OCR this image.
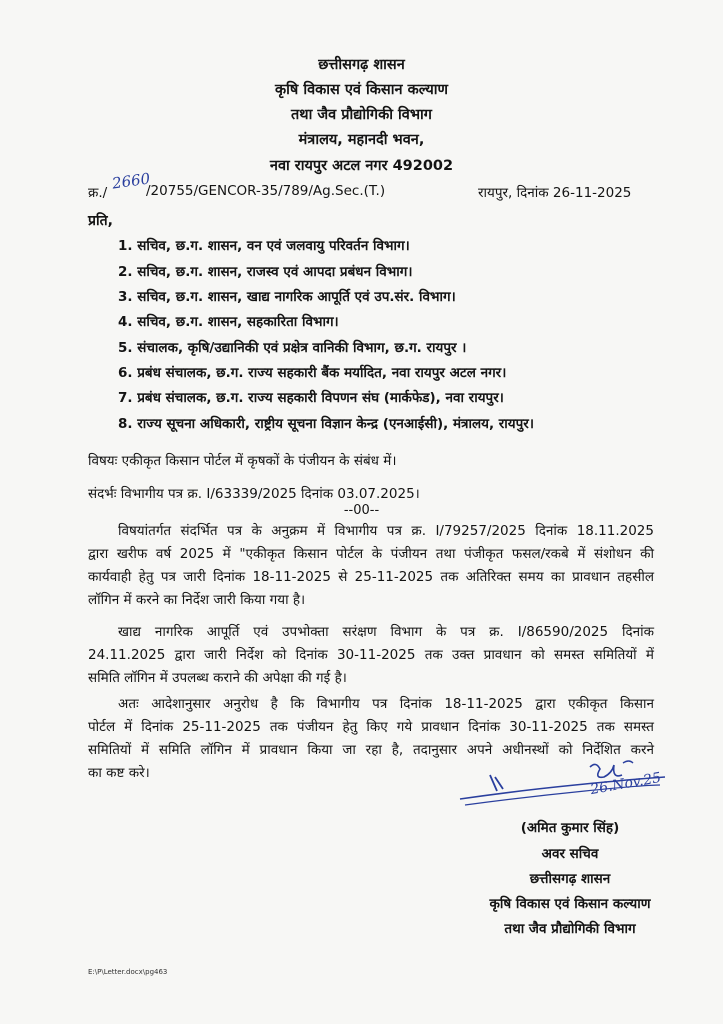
छत्तीसगढ़ शासन
कृषि विकास एवं किसान कल्याण
तथा जैव प्रौद्योगिकी विभाग
मंत्रालय, महानदी भवन,
नवा रायपुर अटल नगर 492002
क्र./
2660
/20755/GENCOR-35/789/Ag.Sec.(T.)	रायपुर, दिनांक 26-11-2025
प्रति,
1. सचिव, छ.ग. शासन, वन एवं जलवायु परिवर्तन विभाग।
2. सचिव, छ.ग. शासन, राजस्व एवं आपदा प्रबंधन विभाग।
3. सचिव, छ.ग. शासन, खाद्य नागरिक आपूर्ति एवं उप.संर. विभाग।
4. सचिव, छ.ग. शासन, सहकारिता विभाग।
5. संचालक, कृषि/उद्यानिकी एवं प्रक्षेत्र वानिकी विभाग, छ.ग. रायपुर ।
6. प्रबंध संचालक, छ.ग. राज्य सहकारी बैंक मर्यादित, नवा रायपुर अटल नगर।
7. प्रबंध संचालक, छ.ग. राज्य सहकारी विपणन संघ (मार्कफेड), नवा रायपुर।
8. राज्य सूचना अधिकारी, राष्ट्रीय सूचना विज्ञान केन्द्र (एनआईसी), मंत्रालय, रायपुर।
विषयः एकीकृत किसान पोर्टल में कृषकों के पंजीयन के संबंध में।
संदर्भः विभागीय पत्र क्र. I/63339/2025 दिनांक 03.07.2025।
--00--
विषयांतर्गत संदर्भित पत्र के अनुक्रम में विभागीय पत्र क्र. I/79257/2025 दिनांक 18.11.2025
द्वारा खरीफ वर्ष 2025 में "एकीकृत किसान पोर्टल के पंजीयन तथा पंजीकृत फसल/रकबे में संशोधन की
कार्यवाही हेतु पत्र जारी दिनांक 18-11-2025 से 25-11-2025 तक अतिरिक्त समय का प्रावधान तहसील
लॉगिन में करने का निर्देश जारी किया गया है।
खाद्य नागरिक आपूर्ति एवं उपभोक्ता सरंक्षण विभाग के पत्र क्र. I/86590/2025 दिनांक
24.11.2025 द्वारा जारी निर्देश को दिनांक 30-11-2025 तक उक्त प्रावधान को समस्त समितियों में
समिति लॉगिन में उपलब्ध कराने की अपेक्षा की गई है।
अतः आदेशानुसार अनुरोध है कि विभागीय पत्र दिनांक 18-11-2025 द्वारा एकीकृत किसान
पोर्टल में दिनांक 25-11-2025 तक पंजीयन हेतु किए गये प्रावधान दिनांक 30-11-2025 तक समस्त
समितियों में समिति लॉगिन में प्रावधान किया जा रहा है, तदानुसार अपने अधीनस्थों को निर्देशित करने
का कष्ट करे।	26.Nov.25
(अमित कुमार सिंह)
अवर सचिव
छत्तीसगढ़ शासन
कृषि विकास एवं किसान कल्याण
तथा जैव प्रौद्योगिकी विभाग
E:\P\Letter.docx\pg463
